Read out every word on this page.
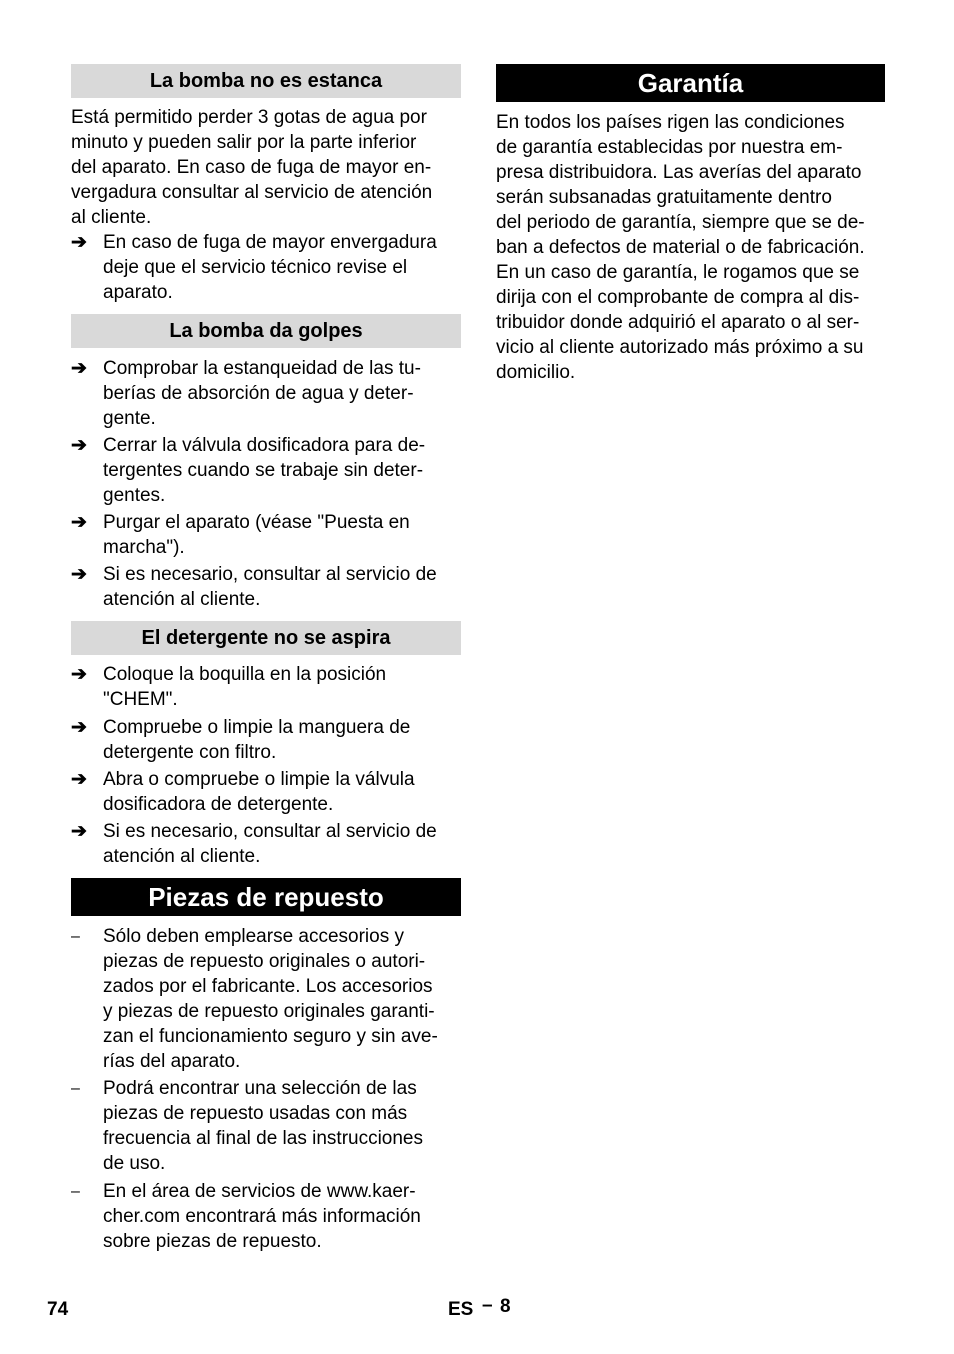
La bomba no es estanca
Está permitido perder 3 gotas de agua por
minuto y pueden salir por la parte inferior
del aparato. En caso de fuga de mayor en-
vergadura consultar al servicio de atención
al cliente.
➔ En caso de fuga de mayor envergadura
deje que el servicio técnico revise el
aparato.
La bomba da golpes
➔ Comprobar la estanqueidad de las tu-
berías de absorción de agua y deter-
gente.
➔ Cerrar la válvula dosificadora para de-
tergentes cuando se trabaje sin deter-
gentes.
➔ Purgar el aparato (véase "Puesta en
marcha").
➔ Si es necesario, consultar al servicio de
atención al cliente.
El detergente no se aspira
➔ Coloque la boquilla en la posición
"CHEM".
➔ Compruebe o limpie la manguera de
detergente con filtro.
➔ Abra o compruebe o limpie la válvula
dosificadora de detergente.
➔ Si es necesario, consultar al servicio de
atención al cliente.
Piezas de repuesto
–	Sólo deben emplearse accesorios y
piezas de repuesto originales o autori-
zados por el fabricante. Los accesorios
y piezas de repuesto originales garanti-
zan el funcionamiento seguro y sin ave-
rías del aparato.
–	Podrá encontrar una selección de las
piezas de repuesto usadas con más
frecuencia al final de las instrucciones
de uso.
–	En el área de servicios de www.kaer-
cher.com encontrará más información
sobre piezas de repuesto.
Garantía
En todos los países rigen las condiciones
de garantía establecidas por nuestra em-
presa distribuidora. Las averías del aparato
serán subsanadas gratuitamente dentro
del periodo de garantía, siempre que se de-
ban a defectos de material o de fabricación.
En un caso de garantía, le rogamos que se
dirija con el comprobante de compra al dis-
tribuidor donde adquirió el aparato o al ser-
vicio al cliente autorizado más próximo a su
domicilio.
74	ES – 8
